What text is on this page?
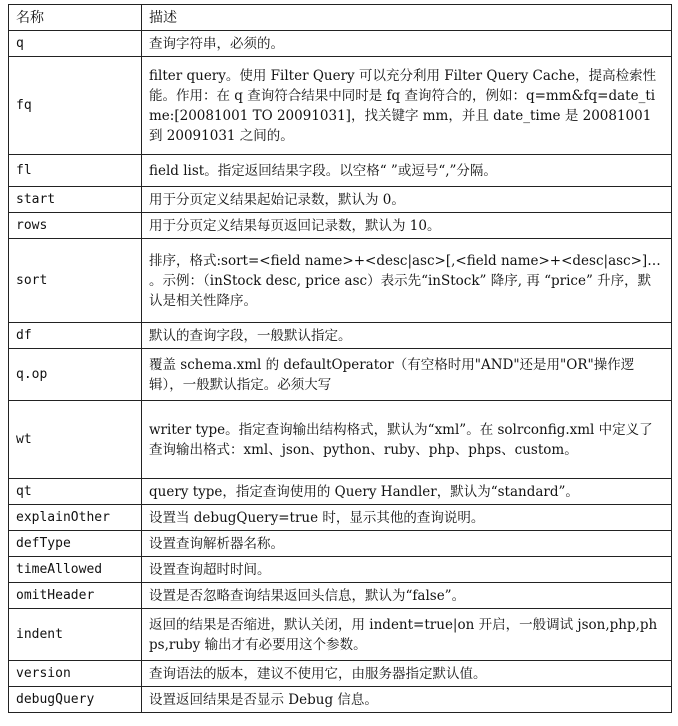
名称	描述
q	查询字符串，必须的。
fq	filter query。使用 Filter Query 可以充分利用 Filter Query Cache，提高检索性能。作用：在 q 查询符合结果中同时是 fq 查询符合的，例如：q=mm&fq=date_time:[20081001 TO 20091031]，找关键字 mm，并且 date_time 是 20081001 到 20091031 之间的。
fl	field list。指定返回结果字段。以空格“ ”或逗号“,”分隔。
start	用于分页定义结果起始记录数，默认为 0。
rows	用于分页定义结果每页返回记录数，默认为 10。
sort	排序，格式:sort=<field name>+<desc|asc>[,<field name>+<desc|asc>]… 。示例：（inStock desc, price asc）表示先“inStock” 降序, 再 “price” 升序，默认是相关性降序。
df	默认的查询字段，一般默认指定。
q.op	覆盖 schema.xml 的 defaultOperator（有空格时用"AND"还是用"OR"操作逻辑），一般默认指定。必须大写
wt	writer type。指定查询输出结构格式，默认为“xml”。在 solrconfig.xml 中定义了查询输出格式：xml、json、python、ruby、php、phps、custom。
qt	query type，指定查询使用的 Query Handler，默认为“standard”。
explainOther	设置当 debugQuery=true 时，显示其他的查询说明。
defType	设置查询解析器名称。
timeAllowed	设置查询超时时间。
omitHeader	设置是否忽略查询结果返回头信息，默认为“false”。
indent	返回的结果是否缩进，默认关闭，用 indent=true|on 开启，一般调试 json,php,phps,ruby 输出才有必要用这个参数。
version	查询语法的版本，建议不使用它，由服务器指定默认值。
debugQuery	设置返回结果是否显示 Debug 信息。
